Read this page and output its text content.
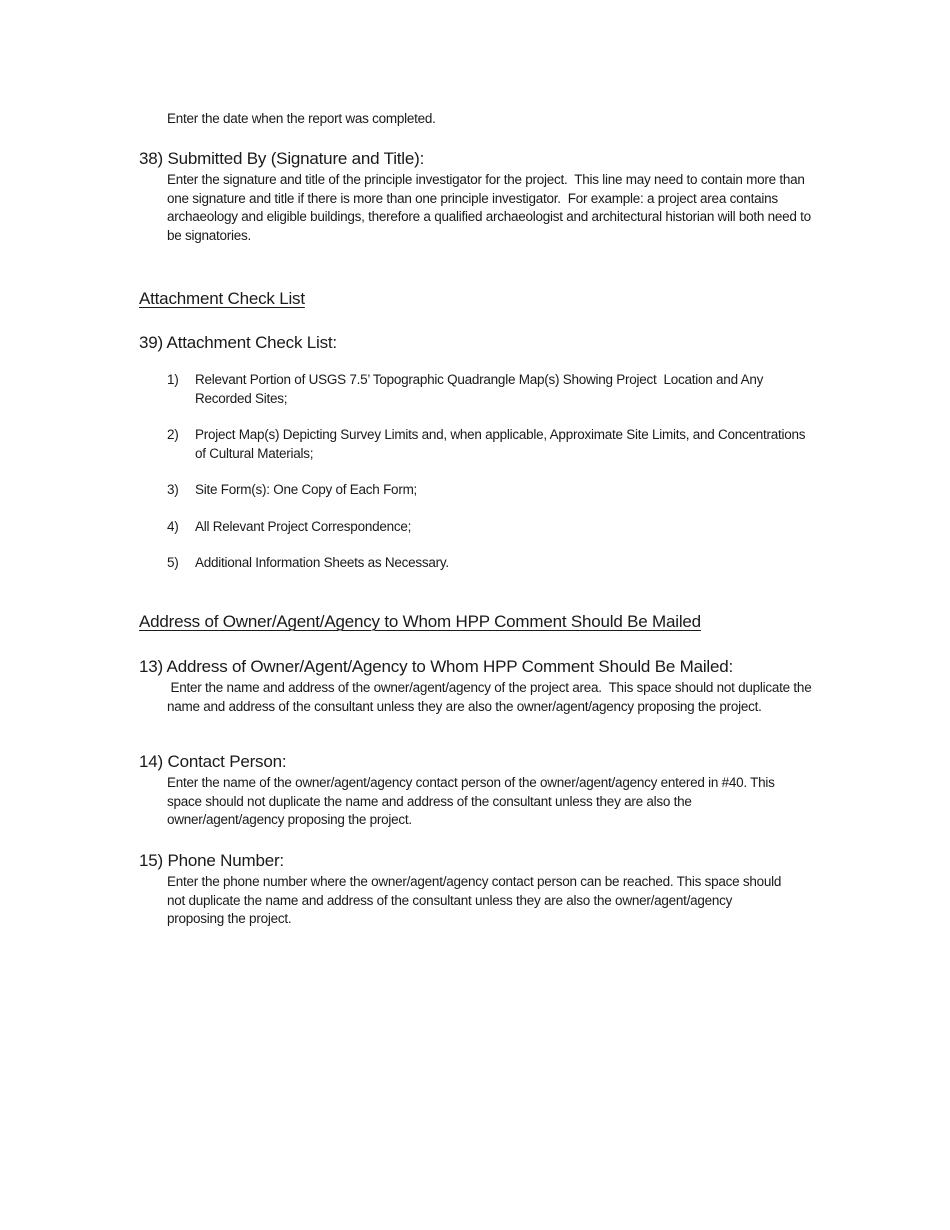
Enter the date when the report was completed.
38) Submitted By (Signature and Title):
Enter the signature and title of the principle investigator for the project.  This line may need to contain more than one signature and title if there is more than one principle investigator.  For example: a project area contains archaeology and eligible buildings, therefore a qualified archaeologist and architectural historian will both need to be signatories.
Attachment Check List
39) Attachment Check List:
1)	Relevant Portion of USGS 7.5’ Topographic Quadrangle Map(s) Showing Project  Location and Any Recorded Sites;
2)	Project Map(s) Depicting Survey Limits and, when applicable, Approximate Site Limits, and Concentrations of Cultural Materials;
3)	Site Form(s): One Copy of Each Form;
4)	All Relevant Project Correspondence;
5)	Additional Information Sheets as Necessary.
Address of Owner/Agent/Agency to Whom HPP Comment Should Be Mailed
13) Address of Owner/Agent/Agency to Whom HPP Comment Should Be Mailed:
Enter the name and address of the owner/agent/agency of the project area.  This space should not duplicate the name and address of the consultant unless they are also the owner/agent/agency proposing the project.
14) Contact Person:
Enter the name of the owner/agent/agency contact person of the owner/agent/agency entered in #40. This space should not duplicate the name and address of the consultant unless they are also the owner/agent/agency proposing the project.
15) Phone Number:
Enter the phone number where the owner/agent/agency contact person can be reached. This space should not duplicate the name and address of the consultant unless they are also the owner/agent/agency proposing the project.
